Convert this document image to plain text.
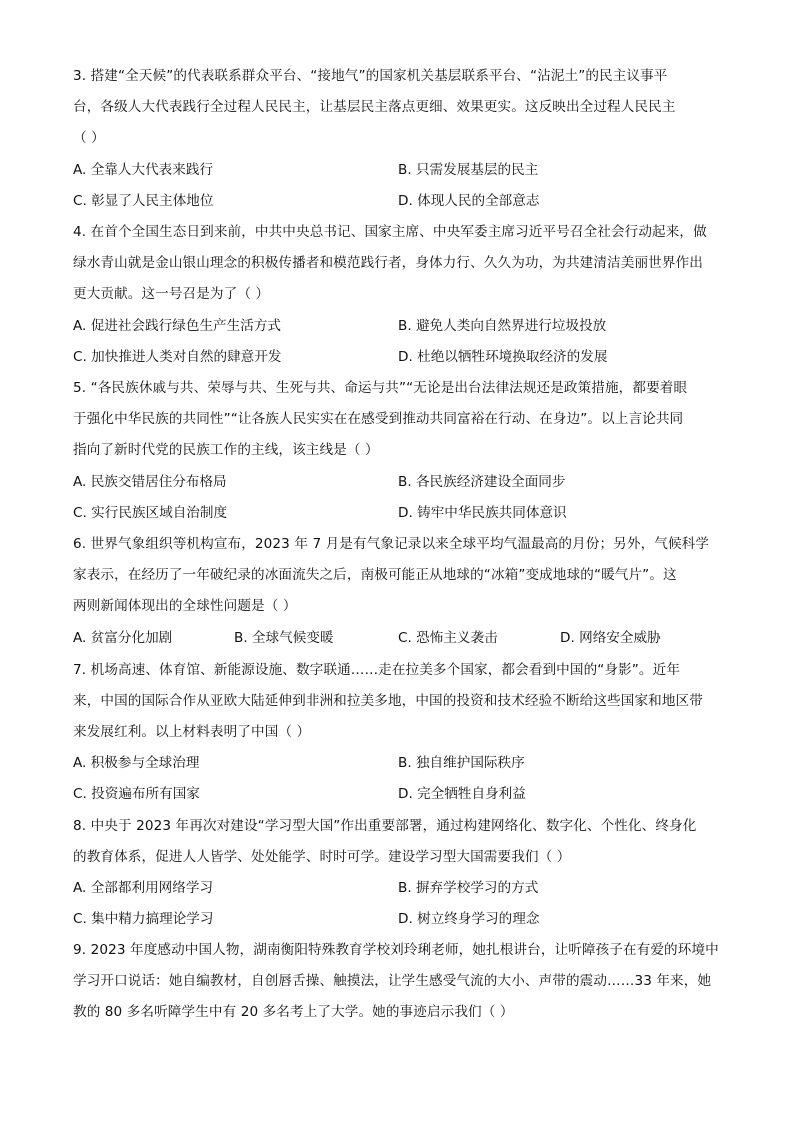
3. 搭建“全天候”的代表联系群众平台、“接地气”的国家机关基层联系平台、“沾泥土”的民主议事平
台，各级人大代表践行全过程人民民主，让基层民主落点更细、效果更实。这反映出全过程人民民主
（ ）
A. 全靠人大代表来践行	B. 只需发展基层的民主
C. 彰显了人民主体地位	D. 体现人民的全部意志
4. 在首个全国生态日到来前，中共中央总书记、国家主席、中央军委主席习近平号召全社会行动起来，做
绿水青山就是金山银山理念的积极传播者和模范践行者，身体力行、久久为功，为共建清洁美丽世界作出
更大贡献。这一号召是为了（ ）
A. 促进社会践行绿色生产生活方式	B. 避免人类向自然界进行垃圾投放
C. 加快推进人类对自然的肆意开发	D. 杜绝以牺牲环境换取经济的发展
5. “各民族休戚与共、荣辱与共、生死与共、命运与共”“无论是出台法律法规还是政策措施，都要着眼
于强化中华民族的共同性”“让各族人民实实在在感受到推动共同富裕在行动、在身边”。以上言论共同
指向了新时代党的民族工作的主线，该主线是（ ）
A. 民族交错居住分布格局	B. 各民族经济建设全面同步
C. 实行民族区域自治制度	D. 铸牢中华民族共同体意识
6. 世界气象组织等机构宣布，2023 年 7 月是有气象记录以来全球平均气温最高的月份；另外，气候科学
家表示，在经历了一年破纪录的冰面流失之后，南极可能正从地球的“冰箱”变成地球的“暖气片”。这
两则新闻体现出的全球性问题是（ ）
A. 贫富分化加剧	B. 全球气候变暖	C. 恐怖主义袭击	D. 网络安全威胁
7. 机场高速、体育馆、新能源设施、数字联通……走在拉美多个国家，都会看到中国的“身影”。近年
来，中国的国际合作从亚欧大陆延伸到非洲和拉美多地，中国的投资和技术经验不断给这些国家和地区带
来发展红利。以上材料表明了中国（ ）
A. 积极参与全球治理	B. 独自维护国际秩序
C. 投资遍布所有国家	D. 完全牺牲自身利益
8. 中央于 2023 年再次对建设“学习型大国”作出重要部署，通过构建网络化、数字化、个性化、终身化
的教育体系，促进人人皆学、处处能学、时时可学。建设学习型大国需要我们（ ）
A. 全部都利用网络学习	B. 摒弃学校学习的方式
C. 集中精力搞理论学习	D. 树立终身学习的理念
9. 2023 年度感动中国人物，湖南衡阳特殊教育学校刘玲琍老师，她扎根讲台，让听障孩子在有爱的环境中
学习开口说话：她自编教材，自创唇舌操、触摸法，让学生感受气流的大小、声带的震动……33 年来，她
教的 80 多名听障学生中有 20 多名考上了大学。她的事迹启示我们（ ）
